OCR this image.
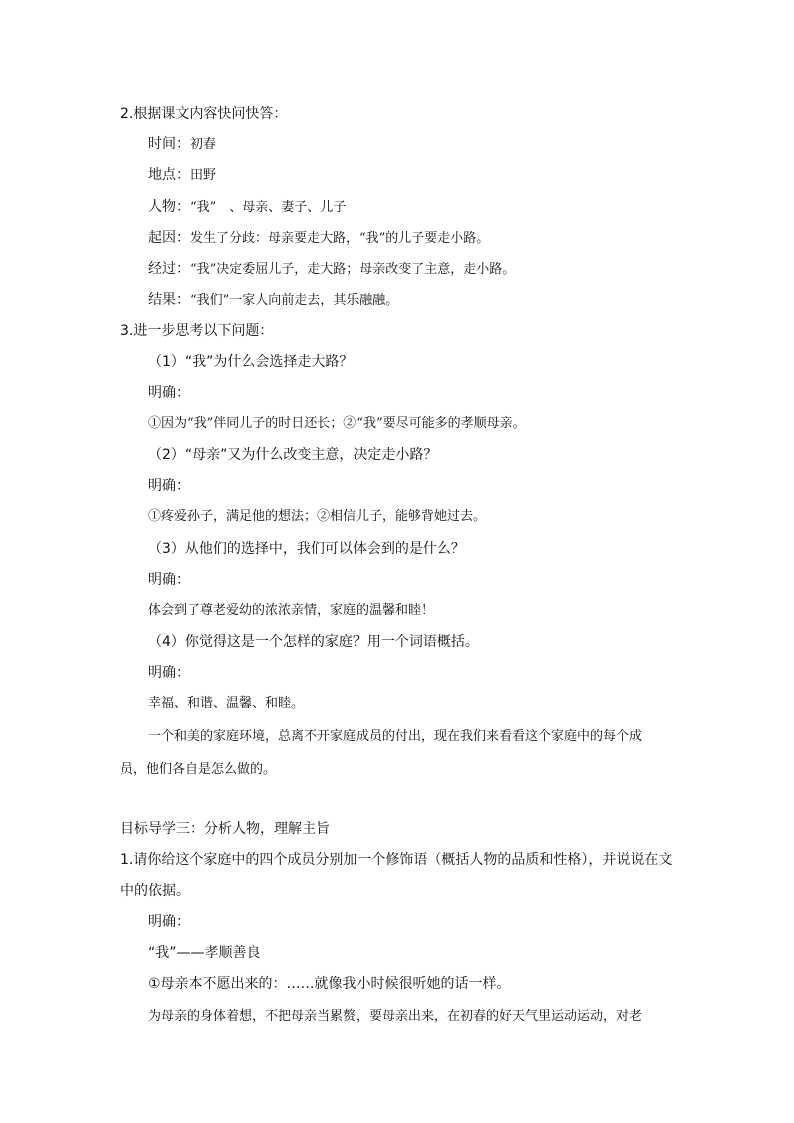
2.根据课文内容快问快答：
时间：初春
地点：田野
人物：“我”　、母亲、妻子、儿子
起因：发生了分歧：母亲要走大路，“我”的儿子要走小路。
经过：“我”决定委屈儿子，走大路；母亲改变了主意，走小路。
结果：“我们”一家人向前走去，其乐融融。
3.进一步思考以下问题：
（1）“我”为什么会选择走大路？
明确：
①因为“我”伴同儿子的时日还长；②“我”要尽可能多的孝顺母亲。
（2）“母亲”又为什么改变主意，决定走小路？
明确：
①疼爱孙子，满足他的想法；②相信儿子，能够背她过去。
（3）从他们的选择中，我们可以体会到的是什么？
明确：
体会到了尊老爱幼的浓浓亲情，家庭的温馨和睦！
（4）你觉得这是一个怎样的家庭？用一个词语概括。
明确：
幸福、和谐、温馨、和睦。
一个和美的家庭环境，总离不开家庭成员的付出，现在我们来看看这个家庭中的每个成
员，他们各自是怎么做的。
目标导学三：分析人物，理解主旨
1.请你给这个家庭中的四个成员分别加一个修饰语（概括人物的品质和性格），并说说在文
中的依据。
明确：
“我”——孝顺善良
①母亲本不愿出来的：……就像我小时候很听她的话一样。
为母亲的身体着想，不把母亲当累赘，要母亲出来，在初春的好天气里运动运动，对老
